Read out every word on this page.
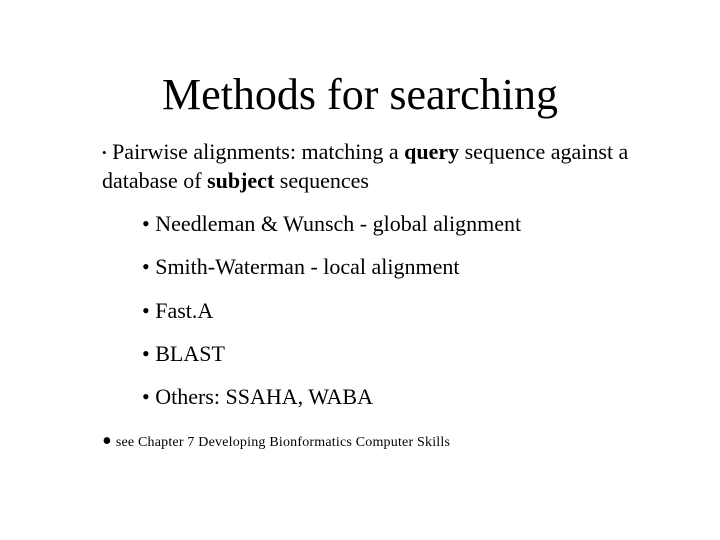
Methods for searching
• Pairwise alignments: matching a query sequence against a database of subject sequences
• Needleman & Wunsch - global alignment
• Smith-Waterman - local alignment
• Fast.A
• BLAST
• Others: SSAHA, WABA
• see Chapter 7 Developing Bionformatics Computer Skills
